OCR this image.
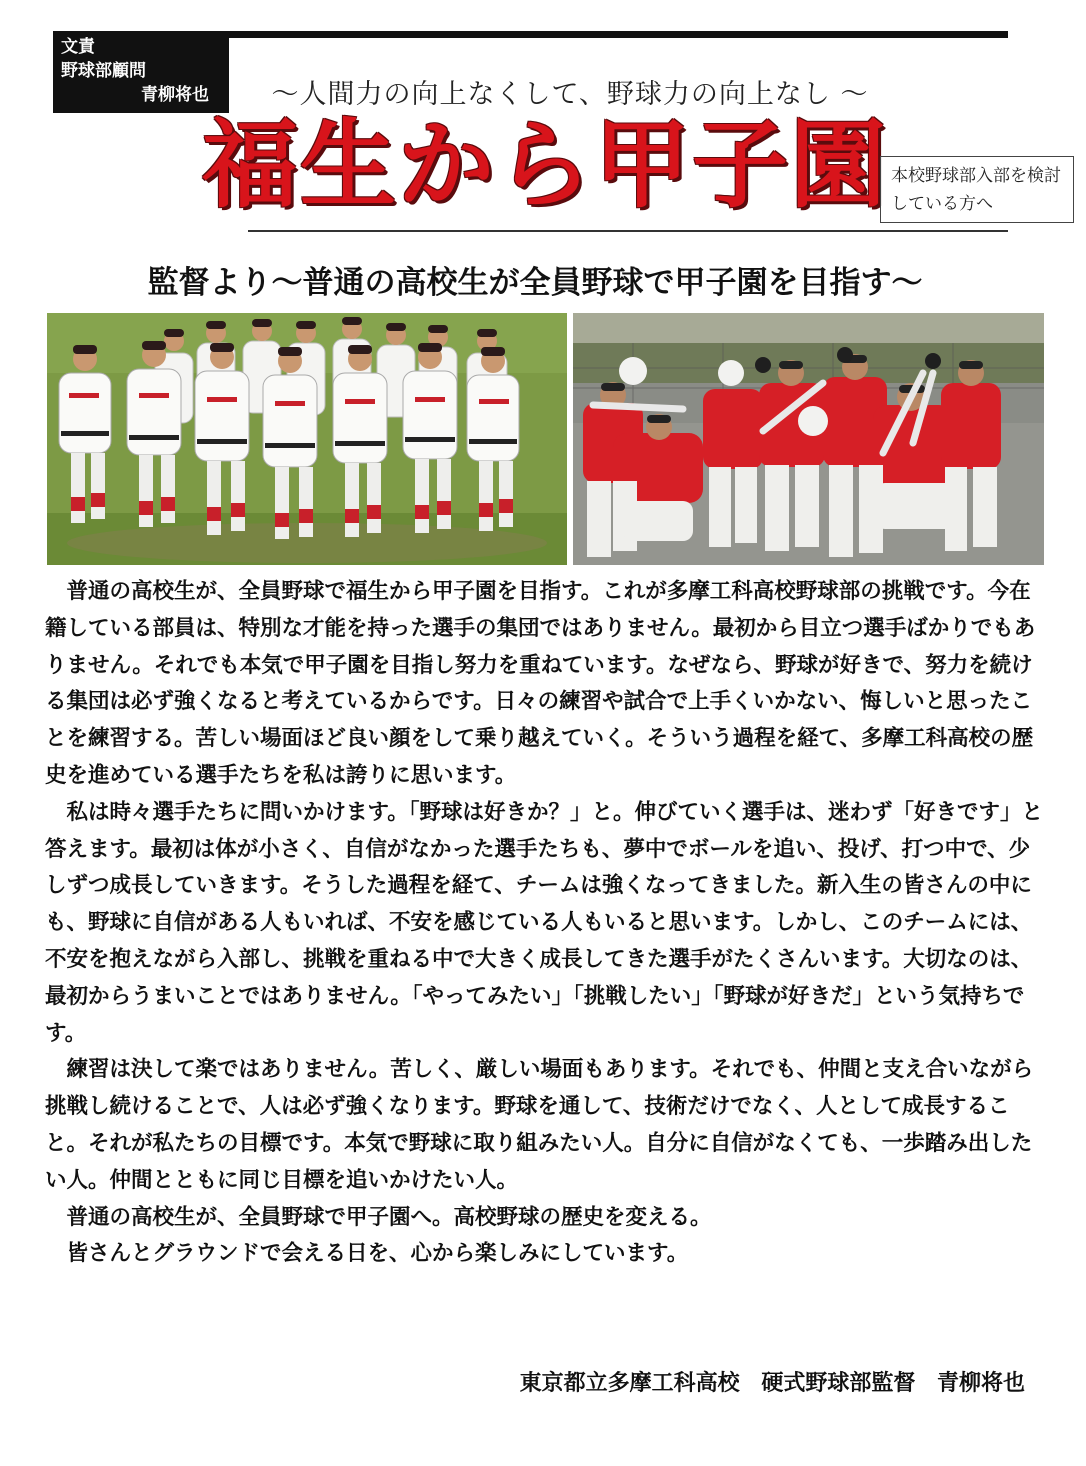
文責
野球部顧問
青柳将也	～人間力の向上なくして、野球力の向上なし ～
福生から甲子園 本校野球部入部を検討している方へ
監督より～普通の高校生が全員野球で甲子園を目指す～

普通の高校生が、全員野球で福生から甲子園を目指す。これが多摩工科高校野球部の挑戦です。今在籍している部員は、特別な才能を持った選手の集団ではありません。最初から目立つ選手ばかりでもありません。それでも本気で甲子園を目指し努力を重ねています。なぜなら、野球が好きで、努力を続ける集団は必ず強くなると考えているからです。日々の練習や試合で上手くいかない、悔しいと思ったことを練習する。苦しい場面ほど良い顔をして乗り越えていく。そういう過程を経て、多摩工科高校の歴史を進めている選手たちを私は誇りに思います。

私は時々選手たちに問いかけます。「野球は好きか？」と。伸びていく選手は、迷わず「好きです」と答えます。最初は体が小さく、自信がなかった選手たちも、夢中でボールを追い、投げ、打つ中で、少しずつ成長していきます。そうした過程を経て、チームは強くなってきました。新入生の皆さんの中にも、野球に自信がある人もいれば、不安を感じている人もいると思います。しかし、このチームには、不安を抱えながら入部し、挑戦を重ねる中で大きく成長してきた選手がたくさんいます。大切なのは、最初からうまいことではありません。「やってみたい」「挑戦したい」「野球が好きだ」という気持ちです。

練習は決して楽ではありません。苦しく、厳しい場面もあります。それでも、仲間と支え合いながら挑戦し続けることで、人は必ず強くなります。野球を通して、技術だけでなく、人として成長すること。それが私たちの目標です。本気で野球に取り組みたい人。自分に自信がなくても、一歩踏み出したい人。仲間とともに同じ目標を追いかけたい人。

普通の高校生が、全員野球で甲子園へ。高校野球の歴史を変える。

皆さんとグラウンドで会える日を、心から楽しみにしています。

東京都立多摩工科高校 硬式野球部監督 青柳将也
